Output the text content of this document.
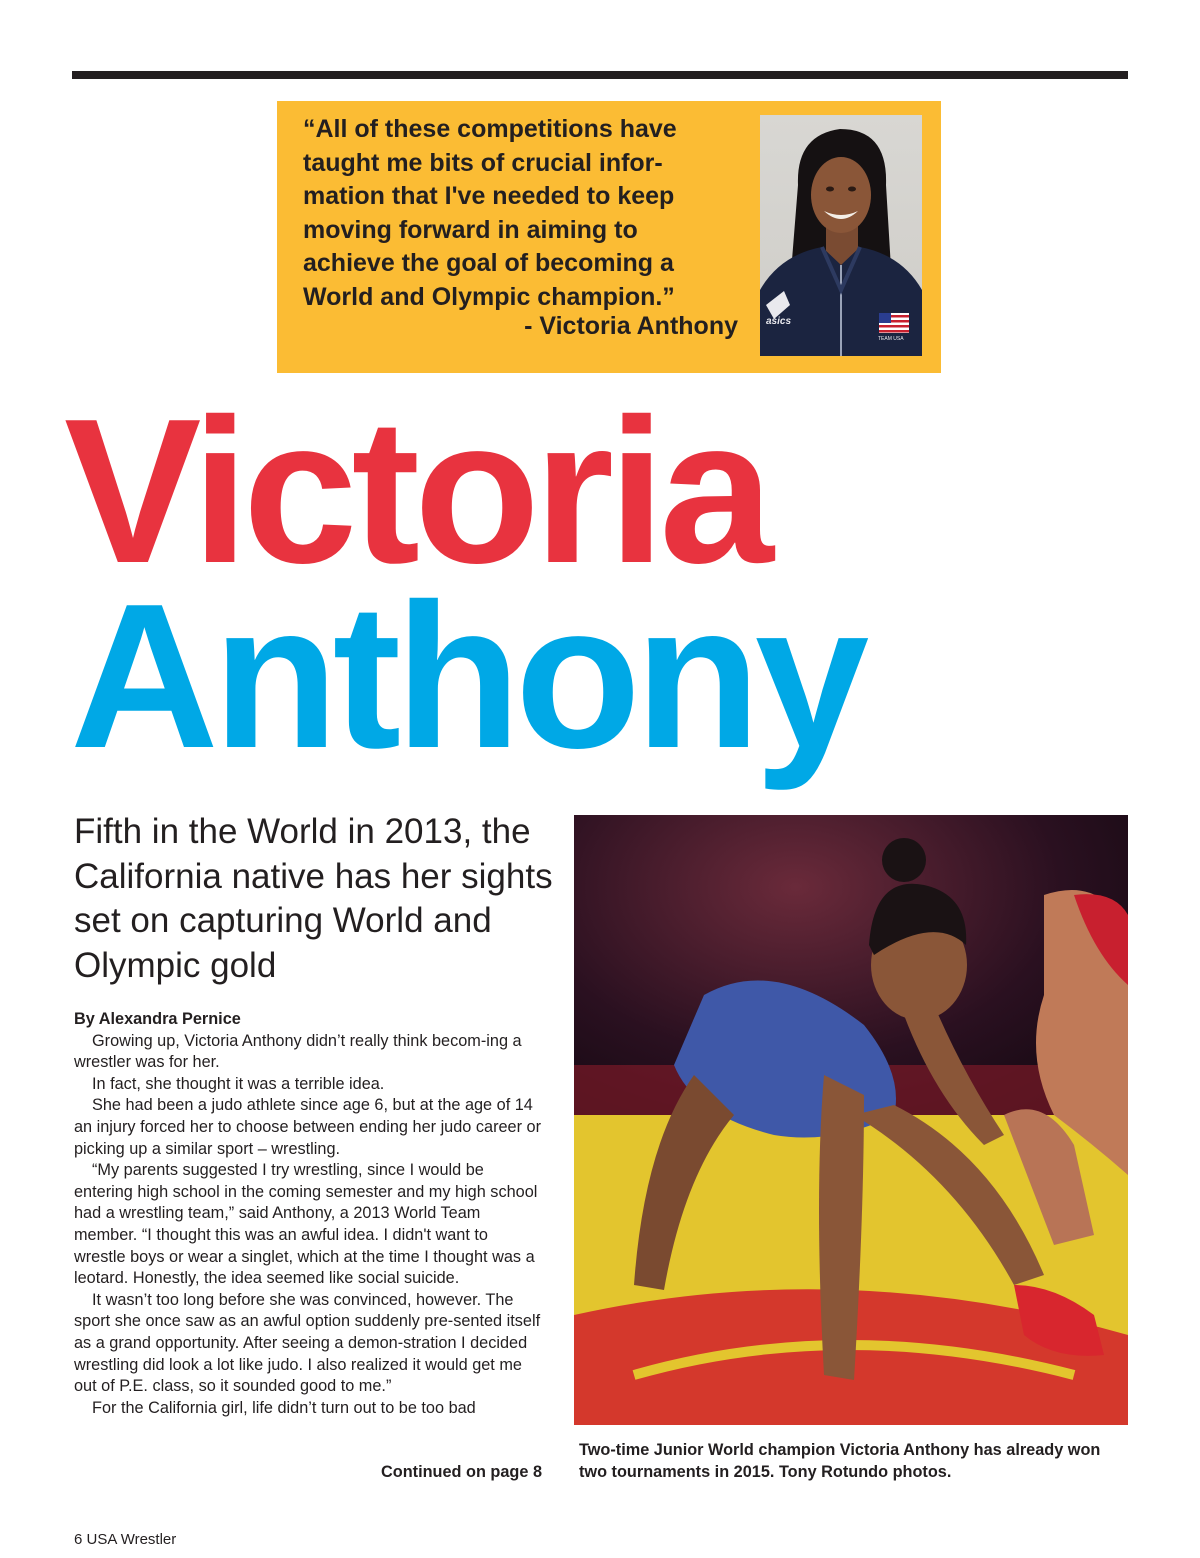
“All of these competitions have
taught me bits of crucial infor-
mation that I've needed to keep
moving forward in aiming to
achieve the goal of becoming a
World and Olympic champion.”
- Victoria Anthony	asics
TEAM USA
Victoria
Anthony
Fifth in the World in 2013, the California native has her sights set on capturing World and Olympic gold
By Alexandra Pernice

Growing up, Victoria Anthony didn’t really think becom-ing a wrestler was for her.

In fact, she thought it was a terrible idea.

She had been a judo athlete since age 6, but at the age of 14 an injury forced her to choose between ending her judo career or picking up a similar sport – wrestling.

“My parents suggested I try wrestling, since I would be entering high school in the coming semester and my high school had a wrestling team,” said Anthony, a 2013 World Team member. “I thought this was an awful idea. I didn't want to wrestle boys or wear a singlet, which at the time I thought was a leotard. Honestly, the idea seemed like social suicide.

It wasn’t too long before she was convinced, however. The sport she once saw as an awful option suddenly pre-sented itself as a grand opportunity. After seeing a demon-stration I decided wrestling did look a lot like judo. I also realized it would get me out of P.E. class, so it sounded good to me.”

For the California girl, life didn’t turn out to be too bad

Continued on page 8
Two-time Junior World champion Victoria Anthony has already won two tournaments in 2015. Tony Rotundo photos.
6 USA Wrestler
